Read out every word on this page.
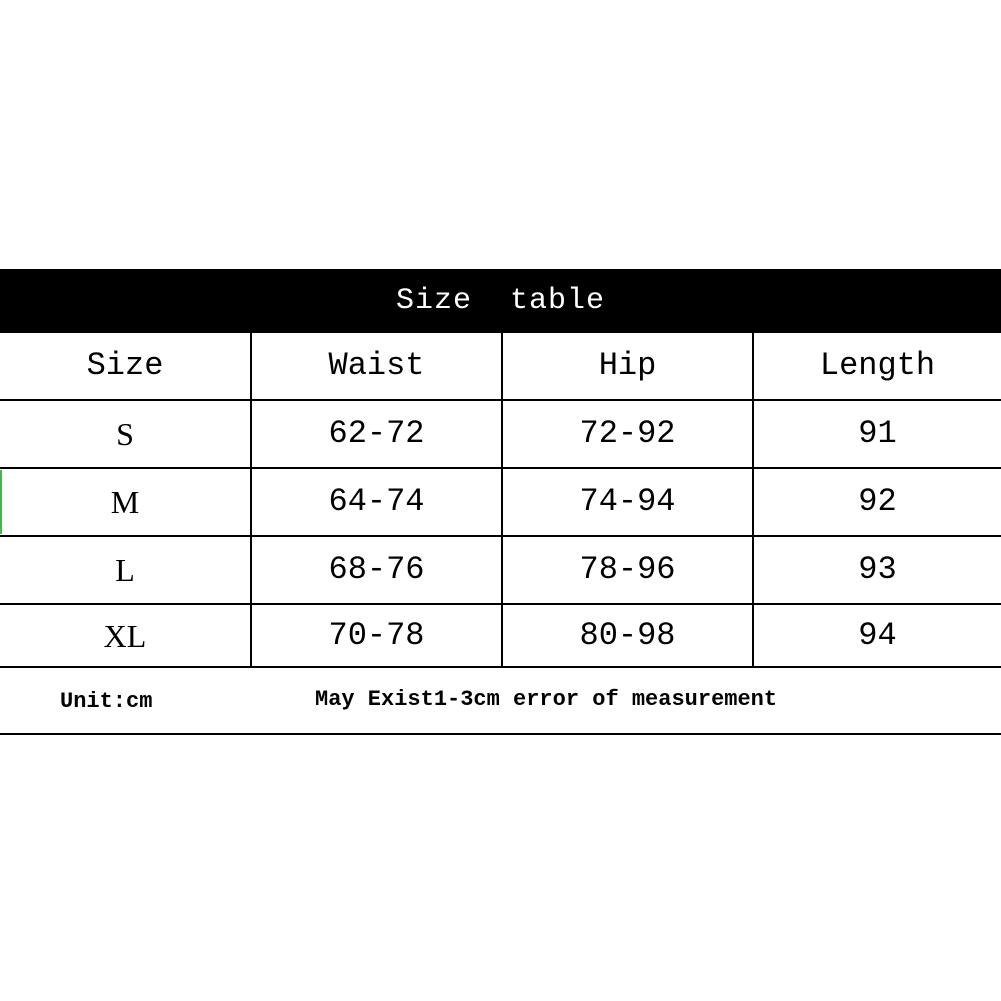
Size  table
Size	Waist	Hip	Length
S	62-72	72-92	91
M	64-74	74-94	92
L	68-76	78-96	93
XL	70-78	80-98	94
Unit:cm	May Exist1-3cm error of measurement
